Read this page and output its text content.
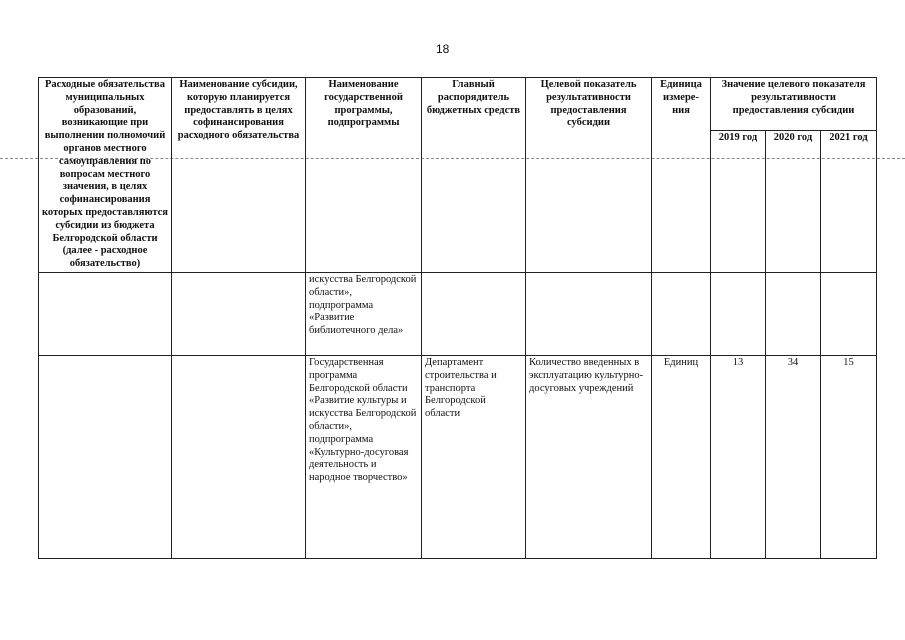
18
Расходные обязательства муниципальных образований, возникающие при выполнении полномочий органов местного самоуправления по вопросам местного значения, в целях софинансирования которых предоставляются субсидии из бюджета Белгородской области (далее - расходное обязательство)	Наименование субсидии, которую планируется предоставлять в целях софинансирования расходного обязательства	Наименование государственной программы, подпрограммы	Главный распорядитель бюджетных средств	Целевой показатель результативности предоставления субсидии	Единица измере- ния	Значение целевого показателя результативности предоставления субсидии		
						2019 год	2020 год	2021 год
		искусства Белгородской области», подпрограмма «Развитие библиотечного дела»						
		Государственная программа Белгородской области «Развитие культуры и искусства Белгородской области», подпрограмма «Культурно-досуговая деятельность и народное творчество»	Департамент строительства и транспорта Белгородской области	Количество введенных в эксплуатацию культурно-досуговых учреждений	Единиц	13	34	15
